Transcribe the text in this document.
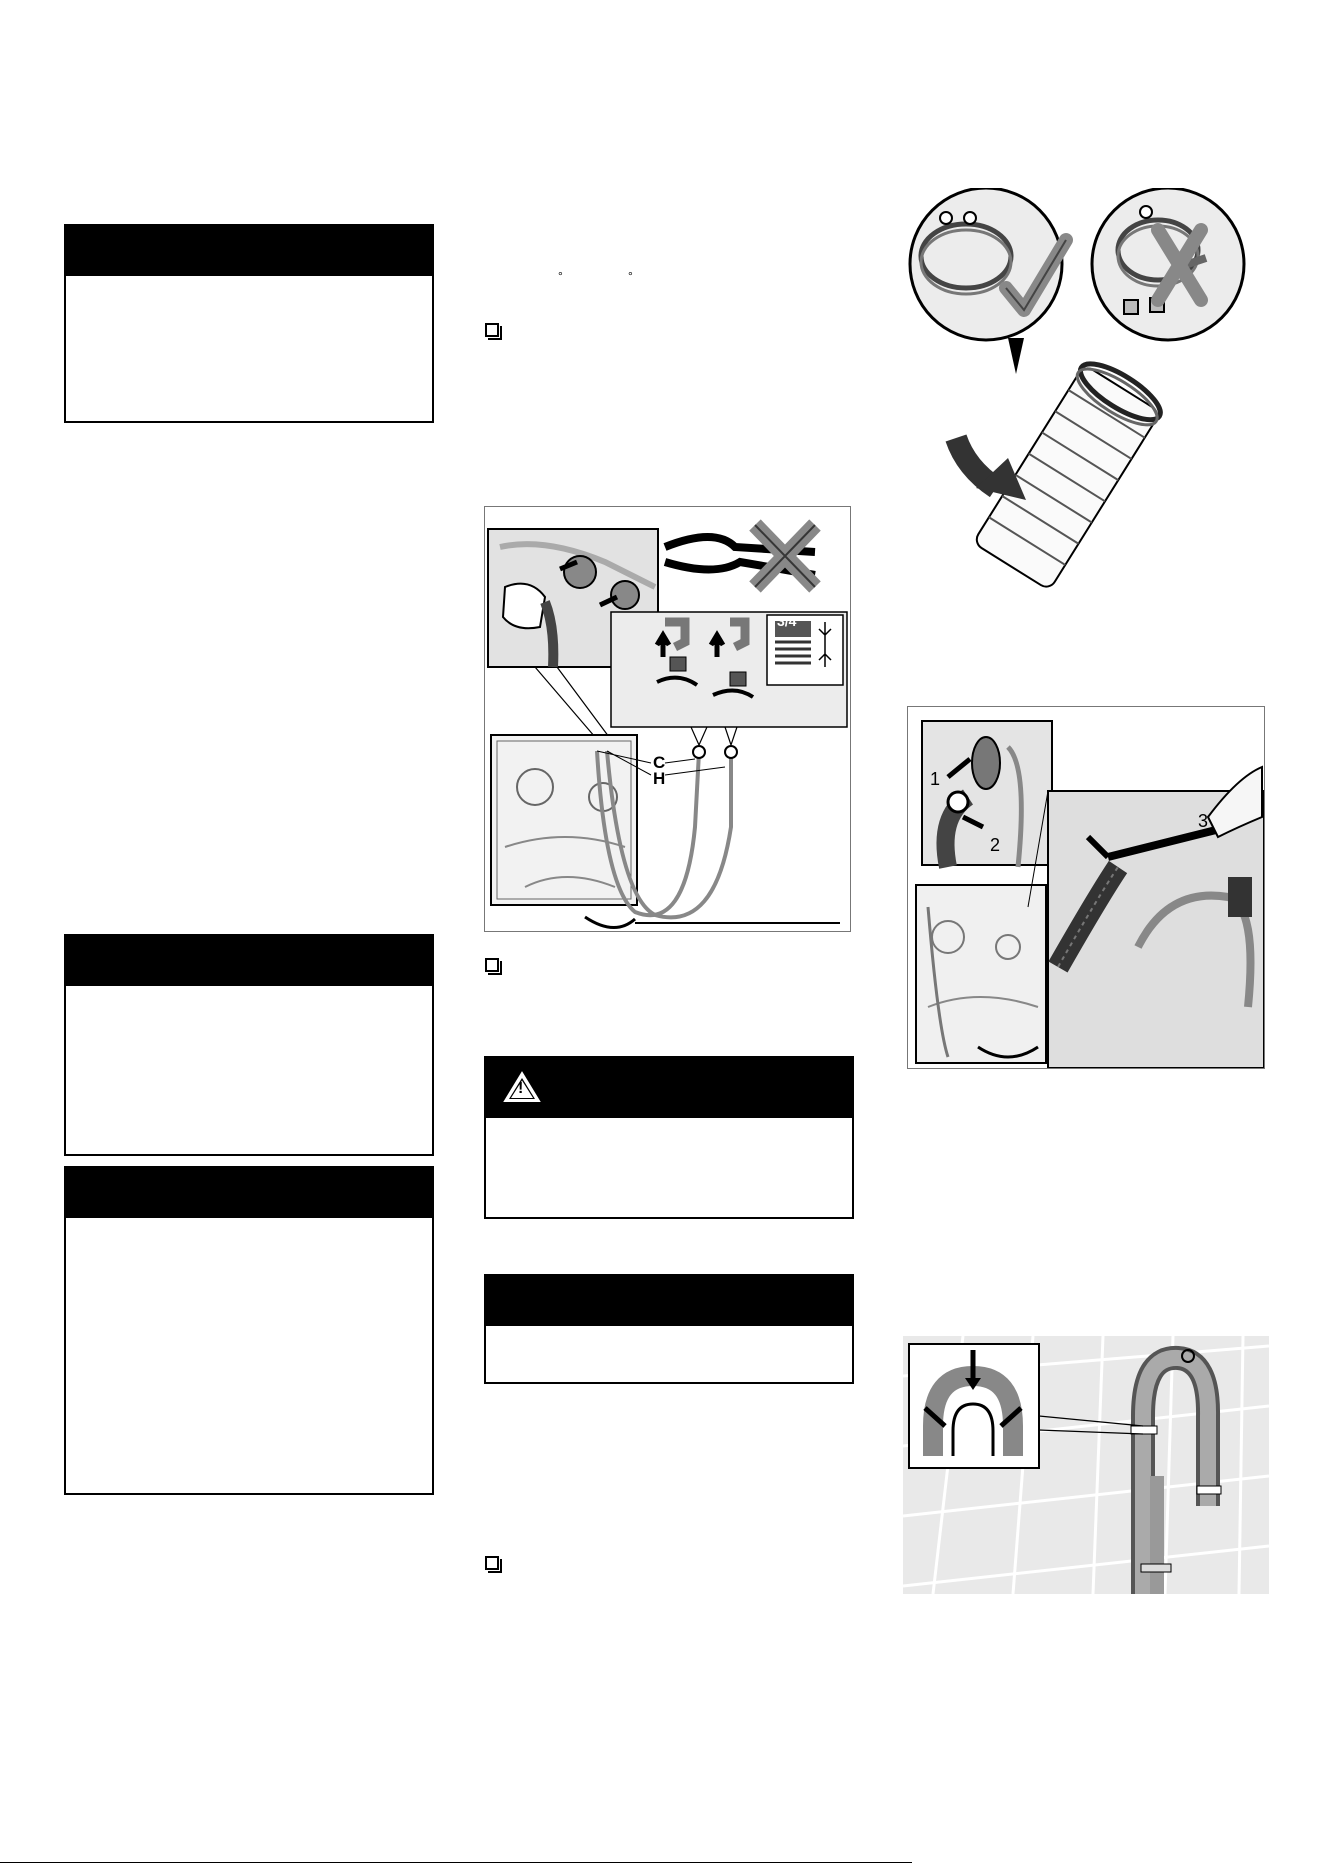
°	°
C
H
3/4"
!
1
2
3
